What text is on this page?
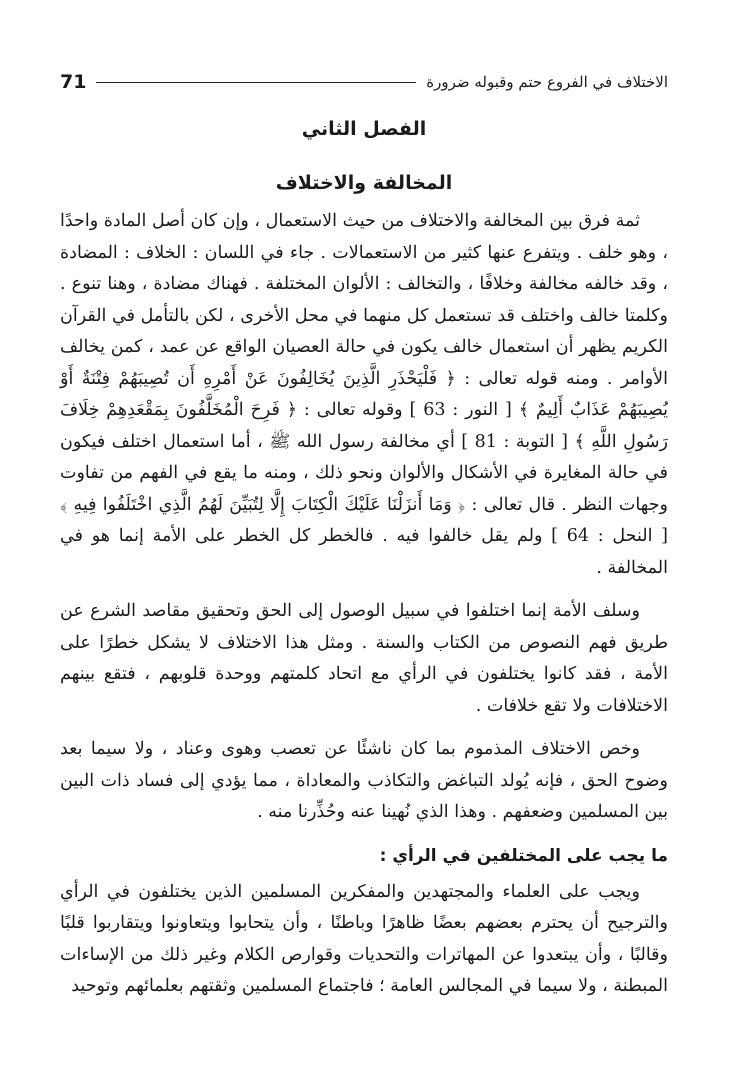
71	الاختلاف في الفروع حتم وقبوله ضرورة
الفصل الثاني
المخالفة والاختلاف

ثمة فرق بين المخالفة والاختلاف من حيث الاستعمال ، وإن كان أصل المادة واحدًا ، وهو خلف . ويتفرع عنها كثير من الاستعمالات . جاء في اللسان : الخلاف : المضادة ، وقد خالفه مخالفة وخلافًا ، والتخالف : الألوان المختلفة . فهناك مضادة ، وهنا تنوع . وكلمتا خالف واختلف قد تستعمل كل منهما في محل الأخرى ، لكن بالتأمل في القرآن الكريم يظهر أن استعمال خالف يكون في حالة العصيان الواقع عن عمد ، كمن يخالف الأوامر . ومنه قوله تعالى : ﴿ فَلْيَحْذَرِ الَّذِينَ يُخَالِفُونَ عَنْ أَمْرِهِ أَن تُصِيبَهُمْ فِتْنَةٌ أَوْ يُصِيبَهُمْ عَذَابٌ أَلِيمٌ ﴾ [ النور : 63 ] وقوله تعالى : ﴿ فَرِحَ الْمُخَلَّفُونَ بِمَقْعَدِهِمْ خِلَافَ رَسُولِ اللَّهِ ﴾ [ التوبة : 81 ] أي مخالفة رسول الله ﷺ ، أما استعمال اختلف فيكون في حالة المغايرة في الأشكال والألوان ونحو ذلك ، ومنه ما يقع في الفهم من تفاوت وجهات النظر . قال تعالى : ﴿ وَمَا أَنزَلْنَا عَلَيْكَ الْكِتَابَ إِلَّا لِتُبَيِّنَ لَهُمُ الَّذِي اخْتَلَفُوا فِيهِ ﴾ [ النحل : 64 ] ولم يقل خالفوا فيه . فالخطر كل الخطر على الأمة إنما هو في المخالفة .

وسلف الأمة إنما اختلفوا في سبيل الوصول إلى الحق وتحقيق مقاصد الشرع عن طريق فهم النصوص من الكتاب والسنة . ومثل هذا الاختلاف لا يشكل خطرًا على الأمة ، فقد كانوا يختلفون في الرأي مع اتحاد كلمتهم ووحدة قلوبهم ، فتقع بينهم الاختلافات ولا تقع خلافات .

وخص الاختلاف المذموم بما كان ناشئًا عن تعصب وهوى وعناد ، ولا سيما بعد وضوح الحق ، فإنه يُولد التباغض والتكاذب والمعاداة ، مما يؤدي إلى فساد ذات البين بين المسلمين وضعفهم . وهذا الذي نُهينا عنه وحُذِّرنا منه .

ما يجب على المختلفين في الرأي :

ويجب على العلماء والمجتهدين والمفكرين المسلمين الذين يختلفون في الرأي والترجيح أن يحترم بعضهم بعضًا ظاهرًا وباطنًا ، وأن يتحابوا ويتعاونوا ويتقاربوا قلبًا وقالبًا ، وأن يبتعدوا عن المهاترات والتحديات وقوارص الكلام وغير ذلك من الإساءات المبطنة ، ولا سيما في المجالس العامة ؛ فاجتماع المسلمين وثقتهم بعلمائهم وتوحيد
